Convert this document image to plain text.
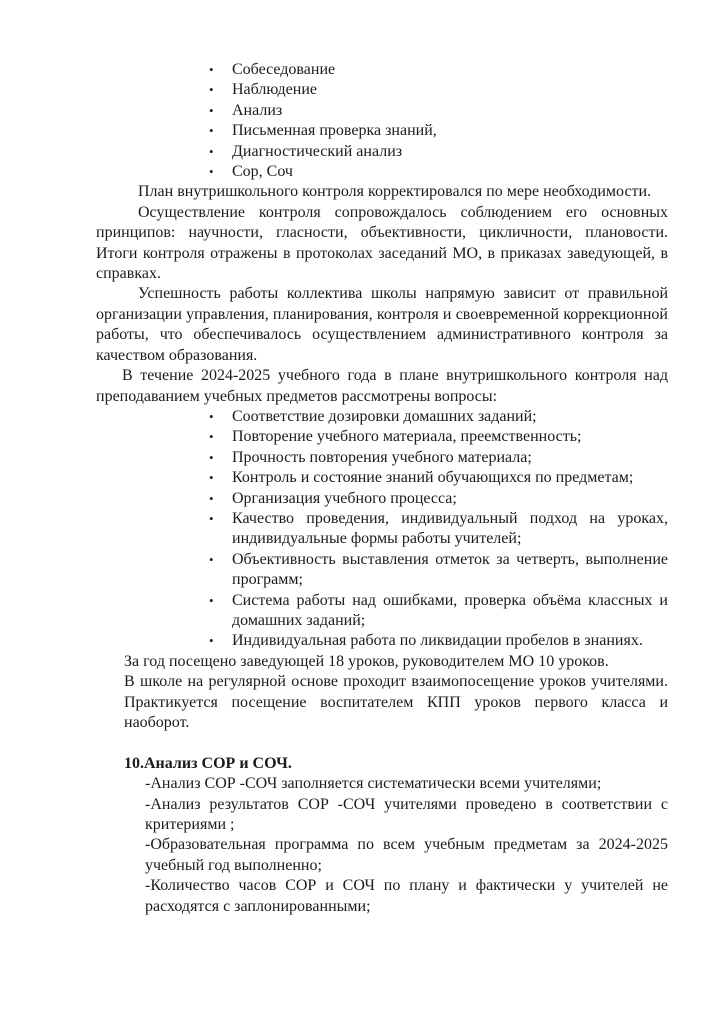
• Собеседование
• Наблюдение
• Анализ
• Письменная проверка знаний,
• Диагностический анализ
• Сор, Соч

План внутришкольного контроля корректировался по мере необходимости.

Осуществление контроля сопровождалось соблюдением его основных принципов: научности, гласности, объективности, цикличности, плановости. Итоги контроля отражены в протоколах заседаний МО, в приказах заведующей, в справках.

Успешность работы коллектива школы напрямую зависит от правильной организации управления, планирования, контроля и своевременной коррекционной работы, что обеспечивалось осуществлением административного контроля за качеством образования.

В течение 2024-2025 учебного года в плане внутришкольного контроля над преподаванием учебных предметов рассмотрены вопросы:

• Соответствие дозировки домашних заданий;
• Повторение учебного материала, преемственность;
• Прочность повторения учебного материала;
• Контроль и состояние знаний обучающихся по предметам;
• Организация учебного процесса;
• Качество проведения, индивидуальный подход на уроках, индивидуальные формы работы учителей;
• Объективность выставления отметок за четверть, выполнение программ;
• Система работы над ошибками, проверка объёма классных и домашних заданий;
• Индивидуальная работа по ликвидации пробелов в знаниях.

За год посещено заведующей 18 уроков, руководителем МО 10 уроков.

В школе на регулярной основе проходит взаимопосещение уроков учителями. Практикуется посещение воспитателем КПП уроков первого класса и наоборот.

10.Анализ СОР и СОЧ.

-Анализ СОР -СОЧ заполняется систематически всеми учителями;

-Анализ результатов СОР -СОЧ учителями проведено в соответствии с критериями ;

-Образовательная программа по всем учебным предметам за 2024-2025 учебный год выполненно;

-Количество часов СОР и СОЧ по плану и фактически у учителей не расходятся с заплонированными;
